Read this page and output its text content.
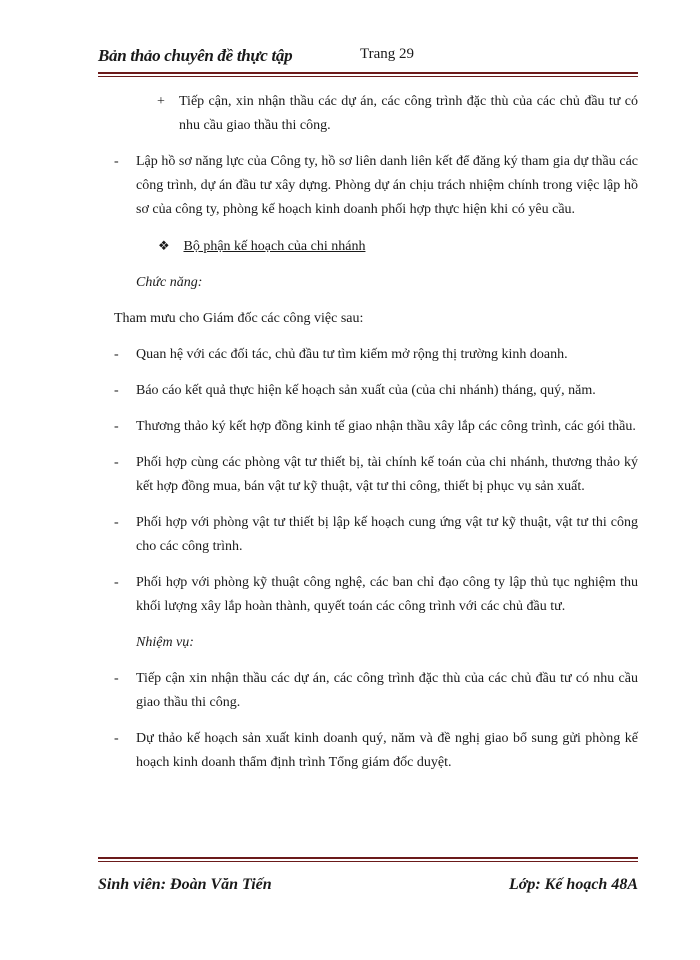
Bản thảo chuyên đề thực tập	Trang 29
+ Tiếp cận, xin nhận thầu các dự án, các công trình đặc thù của các chủ đầu tư có nhu cầu giao thầu thi công.
- Lập hồ sơ năng lực của Công ty, hồ sơ liên danh liên kết để đăng ký tham gia dự thầu các công trình, dự án đầu tư xây dựng. Phòng dự án chịu trách nhiệm chính trong việc lập hồ sơ của công ty, phòng kế hoạch kinh doanh phối hợp thực hiện khi có yêu cầu.
❖ Bộ phận kế hoạch của chi nhánh
Chức năng:
Tham mưu cho Giám đốc các công việc sau:
- Quan hệ với các đối tác, chủ đầu tư tìm kiếm mở rộng thị trường kinh doanh.
- Báo cáo kết quả thực hiện kế hoạch sản xuất của (của chi nhánh) tháng, quý, năm.
- Thương thảo ký kết hợp đồng kinh tế giao nhận thầu xây lắp các công trình, các gói thầu.
- Phối hợp cùng các phòng vật tư thiết bị, tài chính kế toán của chi nhánh, thương thảo ký kết hợp đồng mua, bán vật tư kỹ thuật, vật tư thi công, thiết bị phục vụ sản xuất.
- Phối hợp với phòng vật tư thiết bị lập kế hoạch cung ứng vật tư kỹ thuật, vật tư thi công cho các công trình.
- Phối hợp với phòng kỹ thuật công nghệ, các ban chỉ đạo công ty lập thủ tục nghiệm thu khối lượng xây lắp hoàn thành, quyết toán các công trình với các chủ đầu tư.
Nhiệm vụ:
- Tiếp cận xin nhận thầu các dự án, các công trình đặc thù của các chủ đầu tư có nhu cầu giao thầu thi công.
- Dự thảo kế hoạch sản xuất kinh doanh quý, năm và đề nghị giao bổ sung gửi phòng kế hoạch kinh doanh thẩm định trình Tổng giám đốc duyệt.
Sinh viên: Đoàn Văn Tiến	Lớp: Kế hoạch 48A
